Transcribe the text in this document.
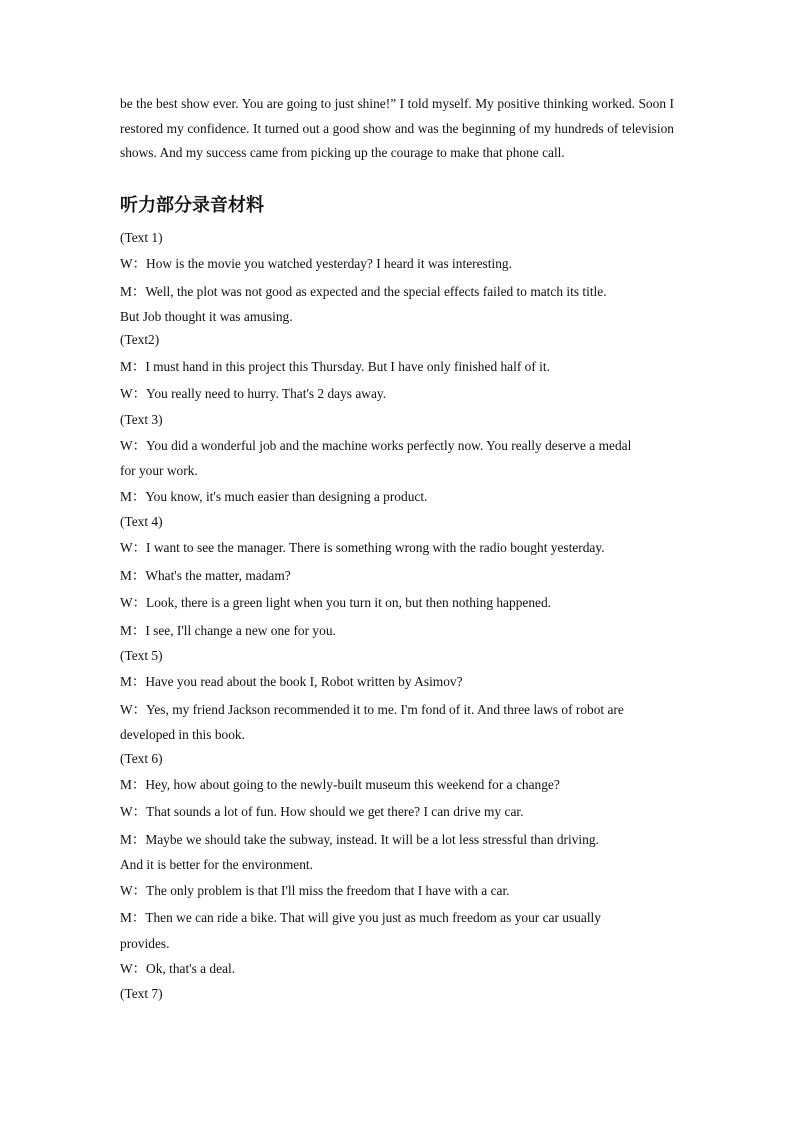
be the best show ever. You are going to just shine!” I told myself. My positive thinking worked. Soon I restored my confidence. It turned out a good show and was the beginning of my hundreds of television shows. And my success came from picking up the courage to make that phone call.

听力部分录音材料

(Text 1)

W：How is the movie you watched yesterday? I heard it was interesting.

M：Well, the plot was not good as expected and the special effects failed to match its title.

But Job thought it was amusing.

(Text2)

M：I must hand in this project this Thursday. But I have only finished half of it.

W：You really need to hurry. That's 2 days away.

(Text 3)

W：You did a wonderful job and the machine works perfectly now. You really deserve a medal

for your work.

M：You know, it's much easier than designing a product.

(Text 4)

W：I want to see the manager. There is something wrong with the radio bought yesterday.

M：What's the matter, madam?

W：Look, there is a green light when you turn it on, but then nothing happened.

M：I see, I'll change a new one for you.

(Text 5)

M：Have you read about the book I, Robot written by Asimov?

W：Yes, my friend Jackson recommended it to me. I'm fond of it. And three laws of robot are

developed in this book.

(Text 6)

M：Hey, how about going to the newly-built museum this weekend for a change?

W：That sounds a lot of fun. How should we get there? I can drive my car.

M：Maybe we should take the subway, instead. It will be a lot less stressful than driving.

And it is better for the environment.

W：The only problem is that I'll miss the freedom that I have with a car.

M：Then we can ride a bike. That will give you just as much freedom as your car usually

provides.

W：Ok, that's a deal.

(Text 7)
